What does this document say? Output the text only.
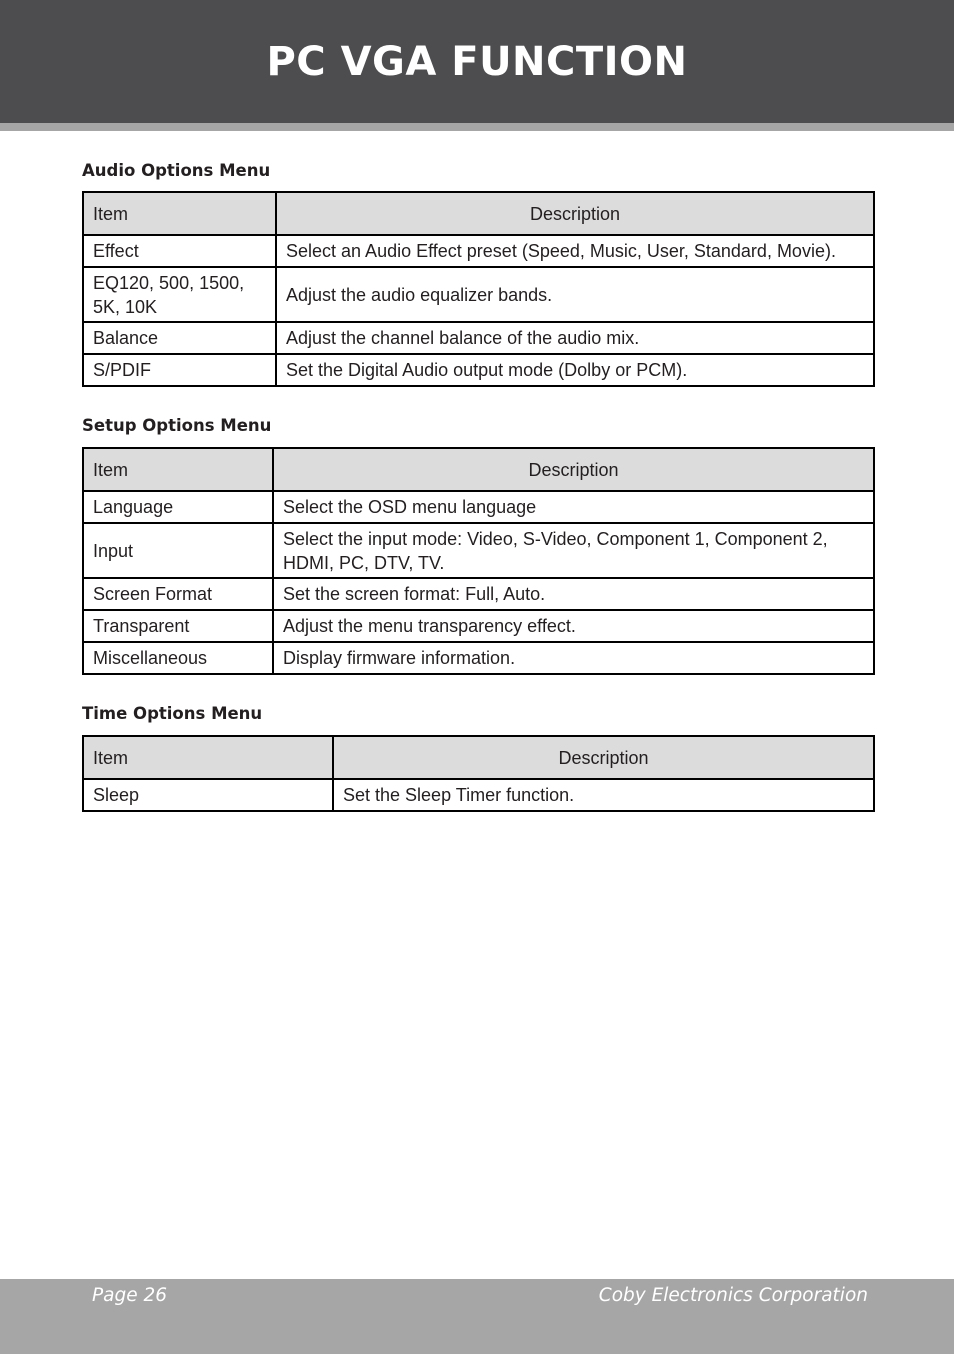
PC VGA FUNCTION
Audio Options Menu
Item	Description
Effect	Select an Audio Effect preset (Speed, Music, User, Standard, Movie).
EQ120, 500, 1500, 5K, 10K	Adjust the audio equalizer bands.
Balance	Adjust the channel balance of the audio mix.
S/PDIF	Set the Digital Audio output mode (Dolby or PCM).
Setup Options Menu
Item	Description
Language	Select the OSD menu language
Input	Select the input mode: Video, S-Video, Component 1, Component 2, HDMI, PC, DTV, TV.
Screen Format	Set the screen format: Full, Auto.
Transparent	Adjust the menu transparency effect.
Miscellaneous	Display firmware information.
Time Options Menu
Item	Description
Sleep	Set the Sleep Timer function.
Page 26	Coby Electronics Corporation
